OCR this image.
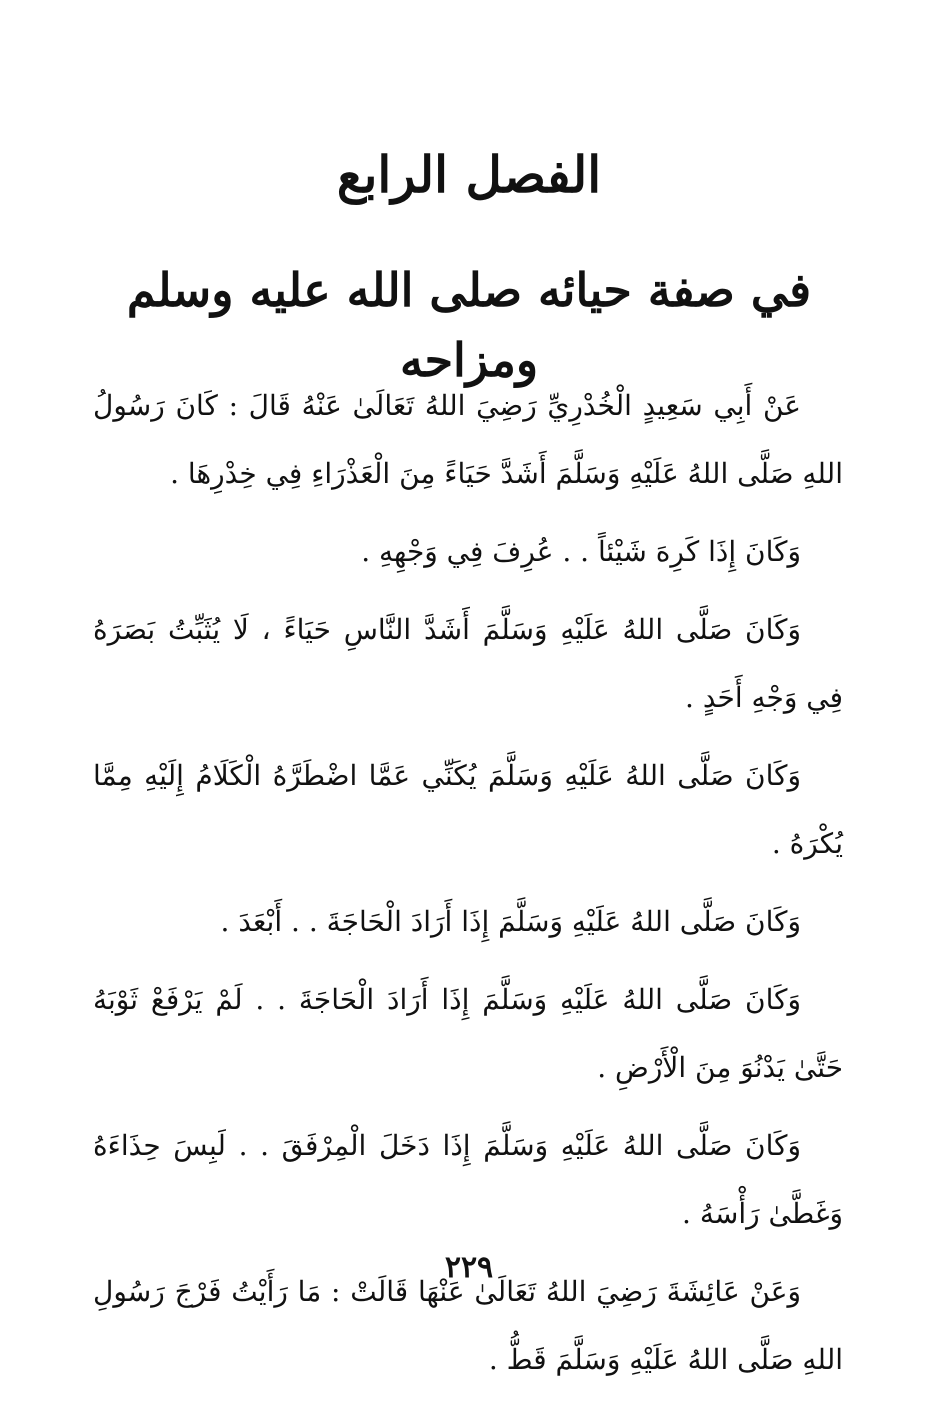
الفصل الرابع
في صفة حيائه صلى الله عليه وسلم ومزاحه

عَنْ أَبِي سَعِيدٍ الْخُدْرِيِّ رَضِيَ اللهُ تَعَالَىٰ عَنْهُ قَالَ : كَانَ رَسُولُ اللهِ صَلَّى اللهُ عَلَيْهِ وَسَلَّمَ أَشَدَّ حَيَاءً مِنَ الْعَذْرَاءِ فِي خِدْرِهَا .

وَكَانَ إِذَا كَرِهَ شَيْئاً . . عُرِفَ فِي وَجْهِهِ .

وَكَانَ صَلَّى اللهُ عَلَيْهِ وَسَلَّمَ أَشَدَّ النَّاسِ حَيَاءً ، لَا يُثَبِّتُ بَصَرَهُ فِي وَجْهِ أَحَدٍ .

وَكَانَ صَلَّى اللهُ عَلَيْهِ وَسَلَّمَ يُكَنِّي عَمَّا اضْطَرَّهُ الْكَلَامُ إِلَيْهِ مِمَّا يُكْرَهُ .

وَكَانَ صَلَّى اللهُ عَلَيْهِ وَسَلَّمَ إِذَا أَرَادَ الْحَاجَةَ . . أَبْعَدَ .

وَكَانَ صَلَّى اللهُ عَلَيْهِ وَسَلَّمَ إِذَا أَرَادَ الْحَاجَةَ . . لَمْ يَرْفَعْ ثَوْبَهُ حَتَّىٰ يَدْنُوَ مِنَ الْأَرْضِ .

وَكَانَ صَلَّى اللهُ عَلَيْهِ وَسَلَّمَ إِذَا دَخَلَ الْمِرْفَقَ . . لَبِسَ حِذَاءَهُ وَغَطَّىٰ رَأْسَهُ .

وَعَنْ عَائِشَةَ رَضِيَ اللهُ تَعَالَىٰ عَنْهَا قَالَتْ : مَا رَأَيْتُ فَرْجَ رَسُولِ اللهِ صَلَّى اللهُ عَلَيْهِ وَسَلَّمَ قَطُّ .

٢٢٩
